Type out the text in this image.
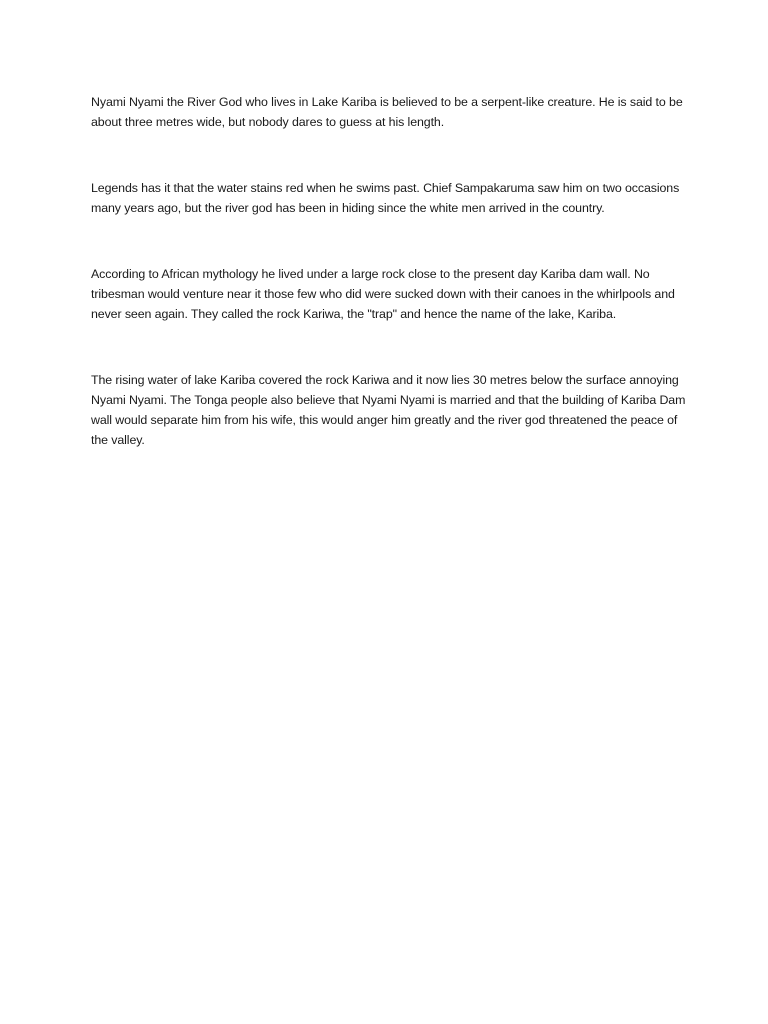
Nyami Nyami the River God who lives in Lake Kariba is believed to be a serpent-like creature. He is said to be about three metres wide, but nobody dares to guess at his length.

Legends has it that the water stains red when he swims past. Chief Sampakaruma saw him on two occasions many years ago, but the river god has been in hiding since the white men arrived in the country.

According to African mythology he lived under a large rock close to the present day Kariba dam wall. No tribesman would venture near it those few who did were sucked down with their canoes in the whirlpools and never seen again. They called the rock Kariwa, the "trap" and hence the name of the lake, Kariba.

The rising water of lake Kariba covered the rock Kariwa and it now lies 30 metres below the surface annoying Nyami Nyami. The Tonga people also believe that Nyami Nyami is married and that the building of Kariba Dam wall would separate him from his wife, this would anger him greatly and the river god threatened the peace of the valley.
